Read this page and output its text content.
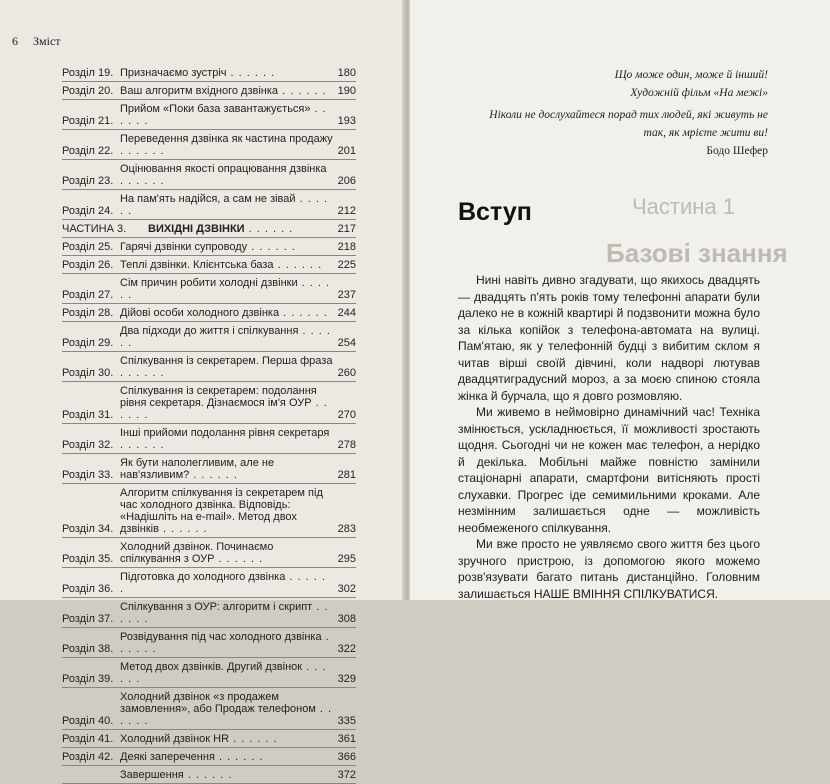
6 Зміст
Розділ 19. Призначаємо зустріч . . . . . .	180
Розділ 20. Ваш алгоритм вхідного дзвінка . . . . . . 190
Розділ 21.
Прийом «Поки база завантажується» . . . . . .	193
Розділ 22.
Переведення дзвінка як частина продажу . . . . . .	201
Розділ 23.
Оцінювання якості опрацювання дзвінка . . . . . .	206
Розділ 24.
На пам'ять надійся, а сам не зівай . . . . . .	212
ЧАСТИНА 3.	ВИХІДНІ ДЗВІНКИ . . . . . .	217
Розділ 25. Гарячі дзвінки супроводу . . . . . .	218
Розділ 26. Теплі дзвінки. Клієнтська база . . . . . .	225
Розділ 27.
Сім причин робити холодні дзвінки . . . . . .	237
Розділ 28. Дійові особи холодного дзвінка . . . . . . 244
Розділ 29.
Два підходи до життя і спілкування . . . . . .	254
Розділ 30.
Спілкування із секретарем. Перша фраза . . . . . .	260
Розділ 31.
Спілкування із секретарем: подолання рівня секретаря. Дізнаємося ім'я ОУР . . . . . .	270
Розділ 32.
Інші прийоми подолання рівня секретаря . . . . . .	278
Розділ 33.
Як бути наполегливим, але не нав'язливим? . . . . . .	281
Розділ 34.
Алгоритм спілкування із секретарем під час холодного дзвінка. Відповідь: «Надішліть на e-mail». Метод двох дзвінків . . . . . .	283
Розділ 35.
Холодний дзвінок. Починаємо спілкування з ОУР . . . . . .	295
Розділ 36.
Підготовка до холодного дзвінка . . . . . .	302
Розділ 37.
Спілкування з ОУР: алгоритм і скрипт . . . . . .	308
Розділ 38.
Розвідування під час холодного дзвінка . . . . . .	322
Розділ 39.
Метод двох дзвінків. Другий дзвінок . . . . . .	329
Розділ 40.
Холодний дзвінок «з продажем замовлення», або Продаж телефоном . . . . . .	335
Розділ 41. Холодний дзвінок HR . . . . . .	361
Розділ 42. Деякі заперечення . . . . . .	366
Завершення . . . . . .	372
Частина 1
Базові знання
Що може один, може й інший!
Художній фільм «На межі»
Ніколи не дослухайтеся порад тих людей, які живуть не так, як мрієте жити ви!
Бодо Шефер
Вступ

Нині навіть дивно згадувати, що якихось двадцять — двадцять п'ять років тому телефонні апарати були далеко не в кожній квартирі й подзвонити можна було за кілька копійок з телефона-автомата на вулиці. Пам'ятаю, як у телефонній будці з вибитим склом я читав вірші своїй дівчині, коли надворі лютував двадцятиградусний мороз, а за моєю спиною стояла жінка й бурчала, що я довго розмовляю.

Ми живемо в неймовірно динамічний час! Техніка змінюється, ускладнюється, її можливості зростають щодня. Сьогодні чи не кожен має телефон, а нерідко й декілька. Мобільні майже повністю замінили стаціонарні апарати, смартфони витісняють прості слухавки. Прогрес іде семимильними кроками. Але незмінним залишається одне — можливість необмеженого спілкування.

Ми вже просто не уявляємо свого життя без цього зручного пристрою, із допомогою якого можемо розв'язувати багато питань дистанційно. Головним залишається НАШЕ ВМІННЯ СПІЛКУВАТИСЯ.
